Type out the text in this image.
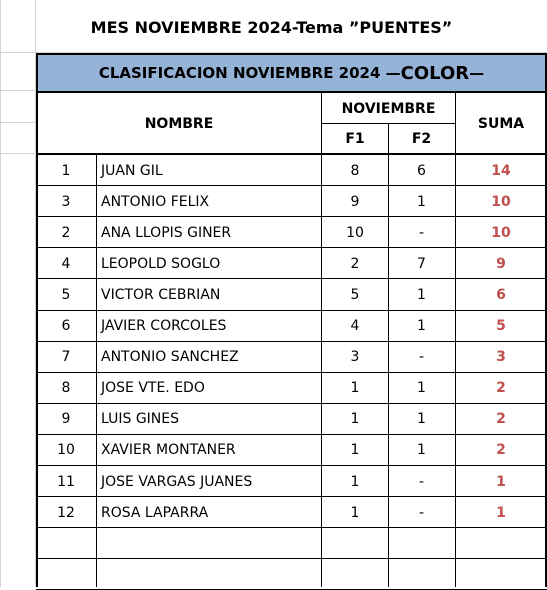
MES NOVIEMBRE 2024-Tema ”PUENTES”
CLASIFICACION NOVIEMBRE 2024 — COLOR —
NOMBRE
NOVIEMBRE
F1	F2
SUMA
1	JUAN GIL	8	6	14
3	ANTONIO FELIX	9	1	10
2	ANA LLOPIS GINER	10	-	10
4	LEOPOLD SOGLO	2	7	9
5	VICTOR CEBRIAN	5	1	6
6	JAVIER CORCOLES	4	1	5
7	ANTONIO SANCHEZ	3	-	3
8	JOSE VTE. EDO	1	1	2
9	LUIS GINES	1	1	2
10	XAVIER MONTANER	1	1	2
11	JOSE VARGAS JUANES	1	-	1
12	ROSA LAPARRA	1	-	1
